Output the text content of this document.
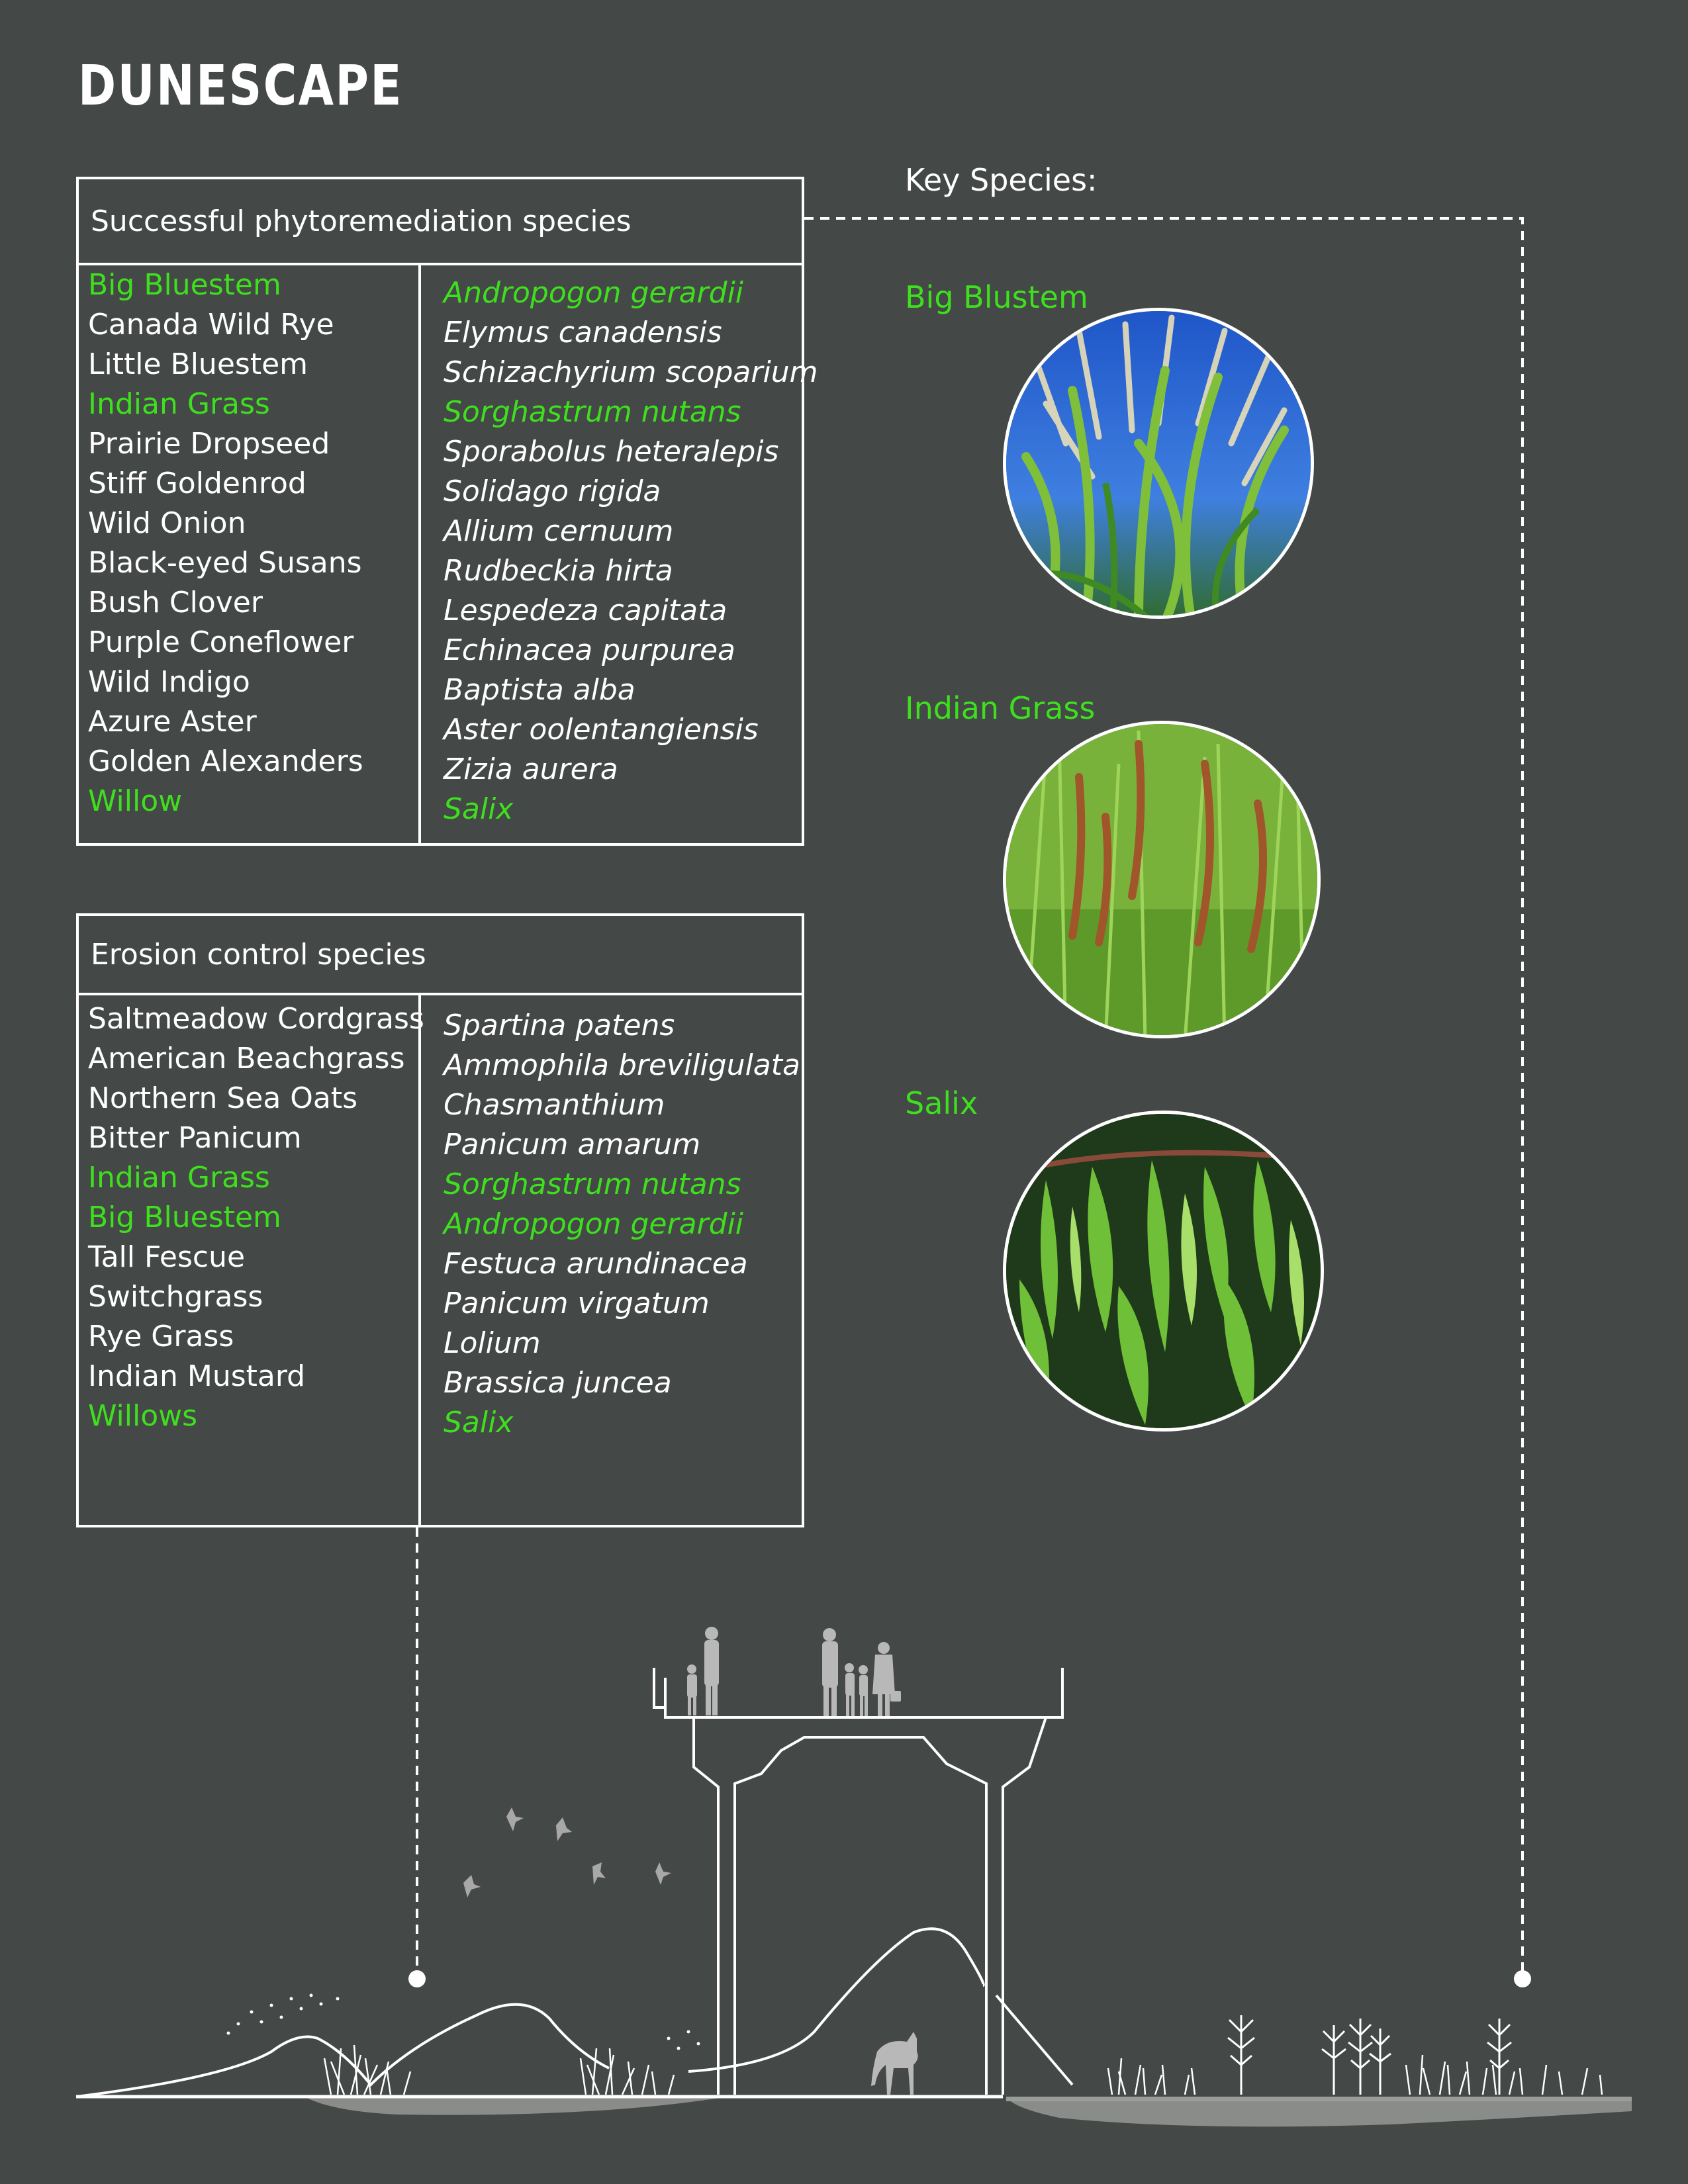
DUNESCAPE
Successful phytoremediation species
Big Bluestem
Canada Wild Rye
Little Bluestem
Indian Grass
Prairie Dropseed
Stiff Goldenrod
Wild Onion
Black-eyed Susans
Bush Clover
Purple Coneflower
Wild Indigo
Azure Aster
Golden Alexanders
Willow
Andropogon gerardii
Elymus canadensis
Schizachyrium scoparium
Sorghastrum nutans
Sporabolus heteralepis
Solidago rigida
Allium cernuum
Rudbeckia hirta
Lespedeza capitata
Echinacea purpurea
Baptista alba
Aster oolentangiensis
Zizia aurera
Salix
Erosion control species
Saltmeadow Cordgrass
American Beachgrass
Northern Sea Oats
Bitter Panicum
Indian Grass
Big Bluestem
Tall Fescue
Switchgrass
Rye Grass
Indian Mustard
Willows
Spartina patens
Ammophila breviligulata
Chasmanthium
Panicum amarum
Sorghastrum nutans
Andropogon gerardii
Festuca arundinacea
Panicum virgatum
Lolium
Brassica juncea
Salix
Key Species:
Big Blustem
Indian Grass
Salix
